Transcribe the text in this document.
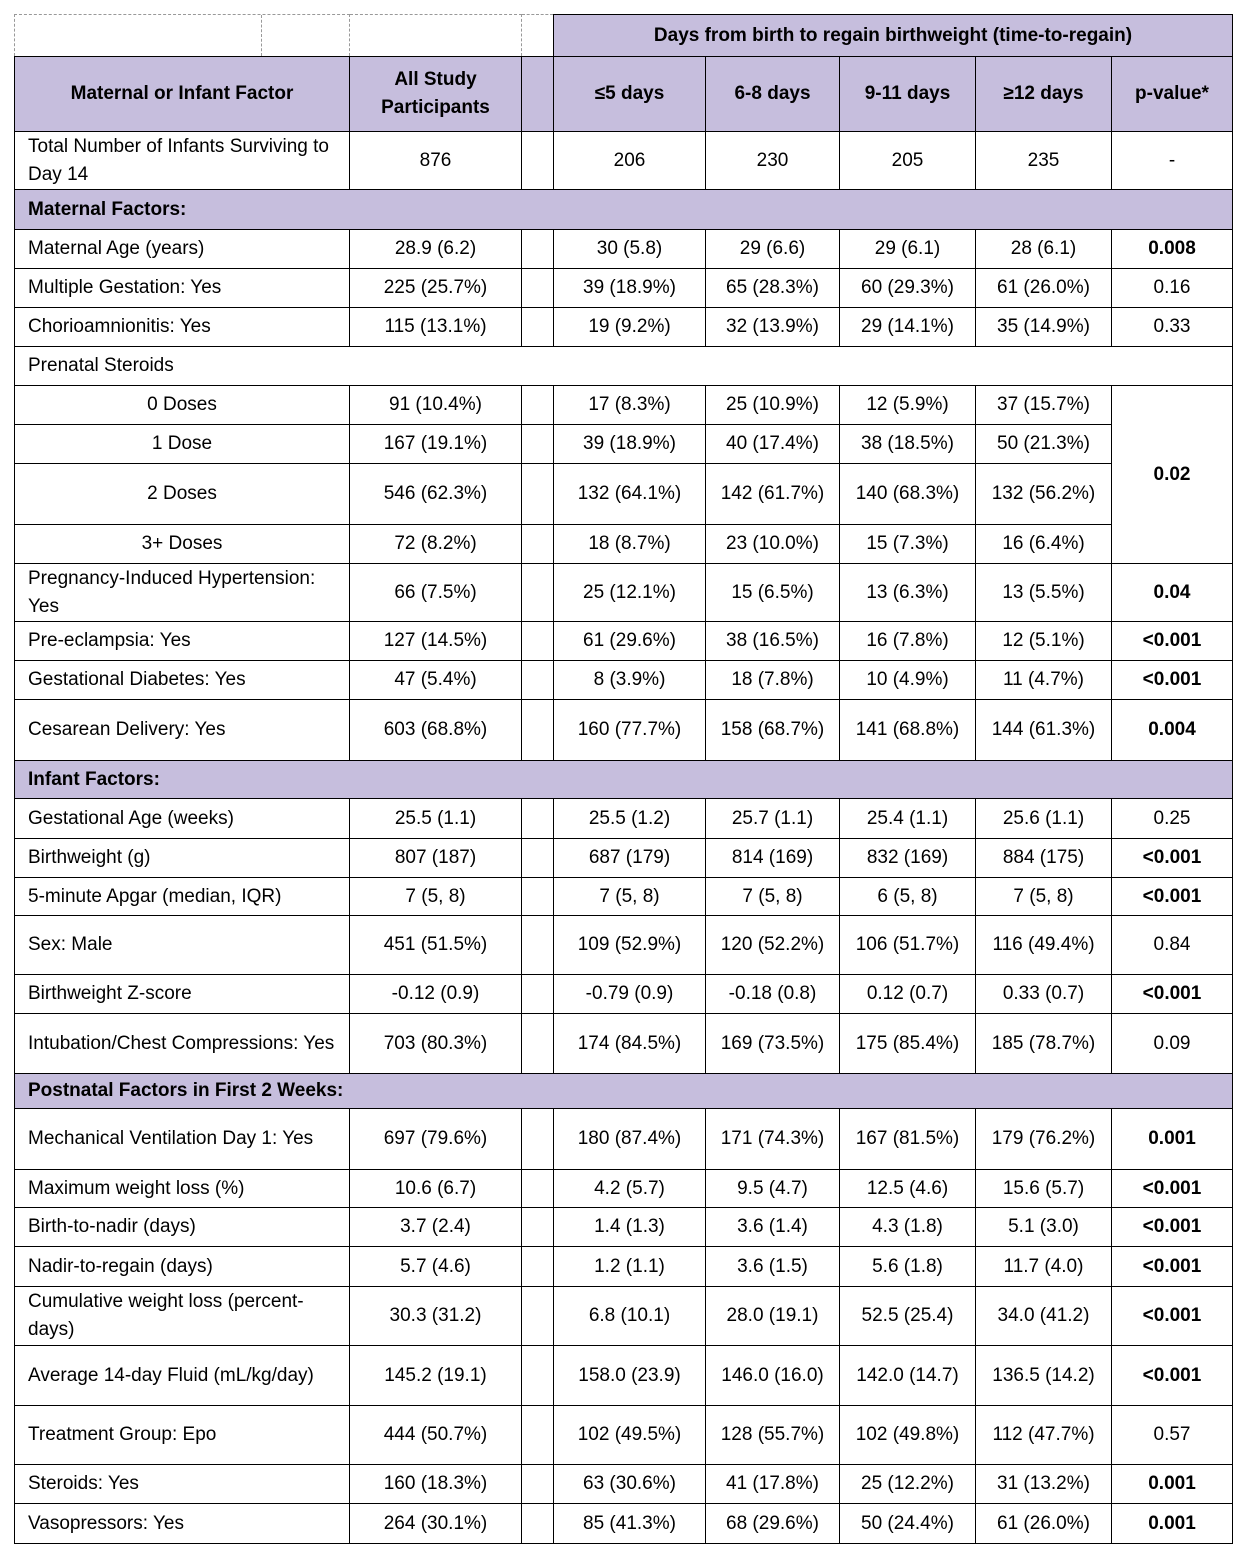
			Days from birth to regain birthweight (time-to-regain)				
Maternal or Infant Factor	All Study Participants		≤5 days	6-8 days	9-11 days	≥12 days	p-value*
Total Number of Infants Surviving to Day 14	876		206	230	205	235	-
Maternal Factors:							
Maternal Age (years)	28.9 (6.2)		30 (5.8)	29 (6.6)	29 (6.1)	28 (6.1)	0.008
Multiple Gestation: Yes	225 (25.7%)		39 (18.9%)	65 (28.3%)	60 (29.3%)	61 (26.0%)	0.16
Chorioamnionitis: Yes	115 (13.1%)		19 (9.2%)	32 (13.9%)	29 (14.1%)	35 (14.9%)	0.33
Prenatal Steroids							
0 Doses	91 (10.4%)		17 (8.3%)	25 (10.9%)	12 (5.9%)	37 (15.7%)	0.02
1 Dose	167 (19.1%)		39 (18.9%)	40 (17.4%)	38 (18.5%)	50 (21.3%)	
2 Doses	546 (62.3%)		132 (64.1%)	142 (61.7%)	140 (68.3%)	132 (56.2%)	
3+ Doses	72 (8.2%)		18 (8.7%)	23 (10.0%)	15 (7.3%)	16 (6.4%)	
Pregnancy-Induced Hypertension: Yes	66 (7.5%)		25 (12.1%)	15 (6.5%)	13 (6.3%)	13 (5.5%)	0.04
Pre-eclampsia: Yes	127 (14.5%)		61 (29.6%)	38 (16.5%)	16 (7.8%)	12 (5.1%)	<0.001
Gestational Diabetes: Yes	47 (5.4%)		8 (3.9%)	18 (7.8%)	10 (4.9%)	11 (4.7%)	<0.001
Cesarean Delivery: Yes	603 (68.8%)		160 (77.7%)	158 (68.7%)	141 (68.8%)	144 (61.3%)	0.004
Infant Factors:							
Gestational Age (weeks)	25.5 (1.1)		25.5 (1.2)	25.7 (1.1)	25.4 (1.1)	25.6 (1.1)	0.25
Birthweight (g)	807 (187)		687 (179)	814 (169)	832 (169)	884 (175)	<0.001
5-minute Apgar (median, IQR)	7 (5, 8)		7 (5, 8)	7 (5, 8)	6 (5, 8)	7 (5, 8)	<0.001
Sex: Male	451 (51.5%)		109 (52.9%)	120 (52.2%)	106 (51.7%)	116 (49.4%)	0.84
Birthweight Z-score	-0.12 (0.9)		-0.79 (0.9)	-0.18 (0.8)	0.12 (0.7)	0.33 (0.7)	<0.001
Intubation/Chest Compressions: Yes	703 (80.3%)		174 (84.5%)	169 (73.5%)	175 (85.4%)	185 (78.7%)	0.09
Postnatal Factors in First 2 Weeks:							
Mechanical Ventilation Day 1: Yes	697 (79.6%)		180 (87.4%)	171 (74.3%)	167 (81.5%)	179 (76.2%)	0.001
Maximum weight loss (%)	10.6 (6.7)		4.2 (5.7)	9.5 (4.7)	12.5 (4.6)	15.6 (5.7)	<0.001
Birth-to-nadir (days)	3.7 (2.4)		1.4 (1.3)	3.6 (1.4)	4.3 (1.8)	5.1 (3.0)	<0.001
Nadir-to-regain (days)	5.7 (4.6)		1.2 (1.1)	3.6 (1.5)	5.6 (1.8)	11.7 (4.0)	<0.001
Cumulative weight loss (percent-days)	30.3 (31.2)		6.8 (10.1)	28.0 (19.1)	52.5 (25.4)	34.0 (41.2)	<0.001
Average 14-day Fluid (mL/kg/day)	145.2 (19.1)		158.0 (23.9)	146.0 (16.0)	142.0 (14.7)	136.5 (14.2)	<0.001
Treatment Group: Epo	444 (50.7%)		102 (49.5%)	128 (55.7%)	102 (49.8%)	112 (47.7%)	0.57
Steroids: Yes	160 (18.3%)		63 (30.6%)	41 (17.8%)	25 (12.2%)	31 (13.2%)	0.001
Vasopressors: Yes	264 (30.1%)		85 (41.3%)	68 (29.6%)	50 (24.4%)	61 (26.0%)	0.001
